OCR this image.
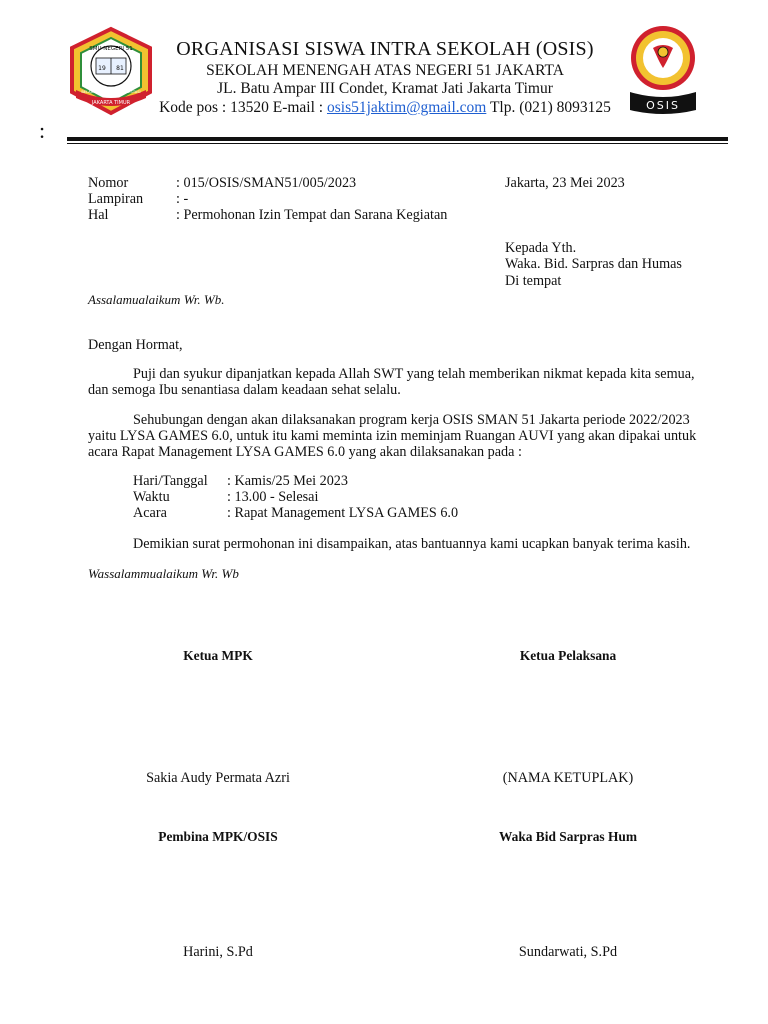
SMU NEGERI 51
19 81
BELAJAR BERLATIH BERPRESTASI
JAKARTA TIMUR
ORGANISASI SISWA INTRA SEKOLAH (OSIS)
SEKOLAH MENENGAH ATAS NEGERI 51 JAKARTA
JL. Batu Ampar III Condet, Kramat Jati Jakarta Timur
Kode pos : 13520 E-mail : osis51jaktim@gmail.com Tlp. (021) 8093125	OSIS
:
Nomor	: 015/OSIS/SMAN51/005/2023	Jakarta, 23 Mei 2023
Lampiran : -
Hal	: Permohonan Izin Tempat dan Sarana Kegiatan
Kepada Yth.
Waka. Bid. Sarpras dan Humas
Di tempat
Assalamualaikum Wr. Wb.
Dengan Hormat,
Puji dan syukur dipanjatkan kepada Allah SWT yang telah memberikan nikmat kepada kita semua,
dan semoga Ibu senantiasa dalam keadaan sehat selalu.
Sehubungan dengan akan dilaksanakan program kerja OSIS SMAN 51 Jakarta periode 2022/2023
yaitu LYSA GAMES 6.0, untuk itu kami meminta izin meminjam Ruangan AUVI yang akan dipakai untuk
acara Rapat Management LYSA GAMES 6.0 yang akan dilaksanakan pada :
Hari/Tanggal : Kamis/25 Mei 2023
Waktu	: 13.00 - Selesai
Acara	: Rapat Management LYSA GAMES 6.0
Demikian surat permohonan ini disampaikan, atas bantuannya kami ucapkan banyak terima kasih.
Wassalammualaikum Wr. Wb
Ketua MPK
Sakia Audy Permata Azri
Ketua Pelaksana
(NAMA KETUPLAK)
Pembina MPK/OSIS
Harini, S.Pd
Waka Bid Sarpras Hum
Sundarwati, S.Pd
